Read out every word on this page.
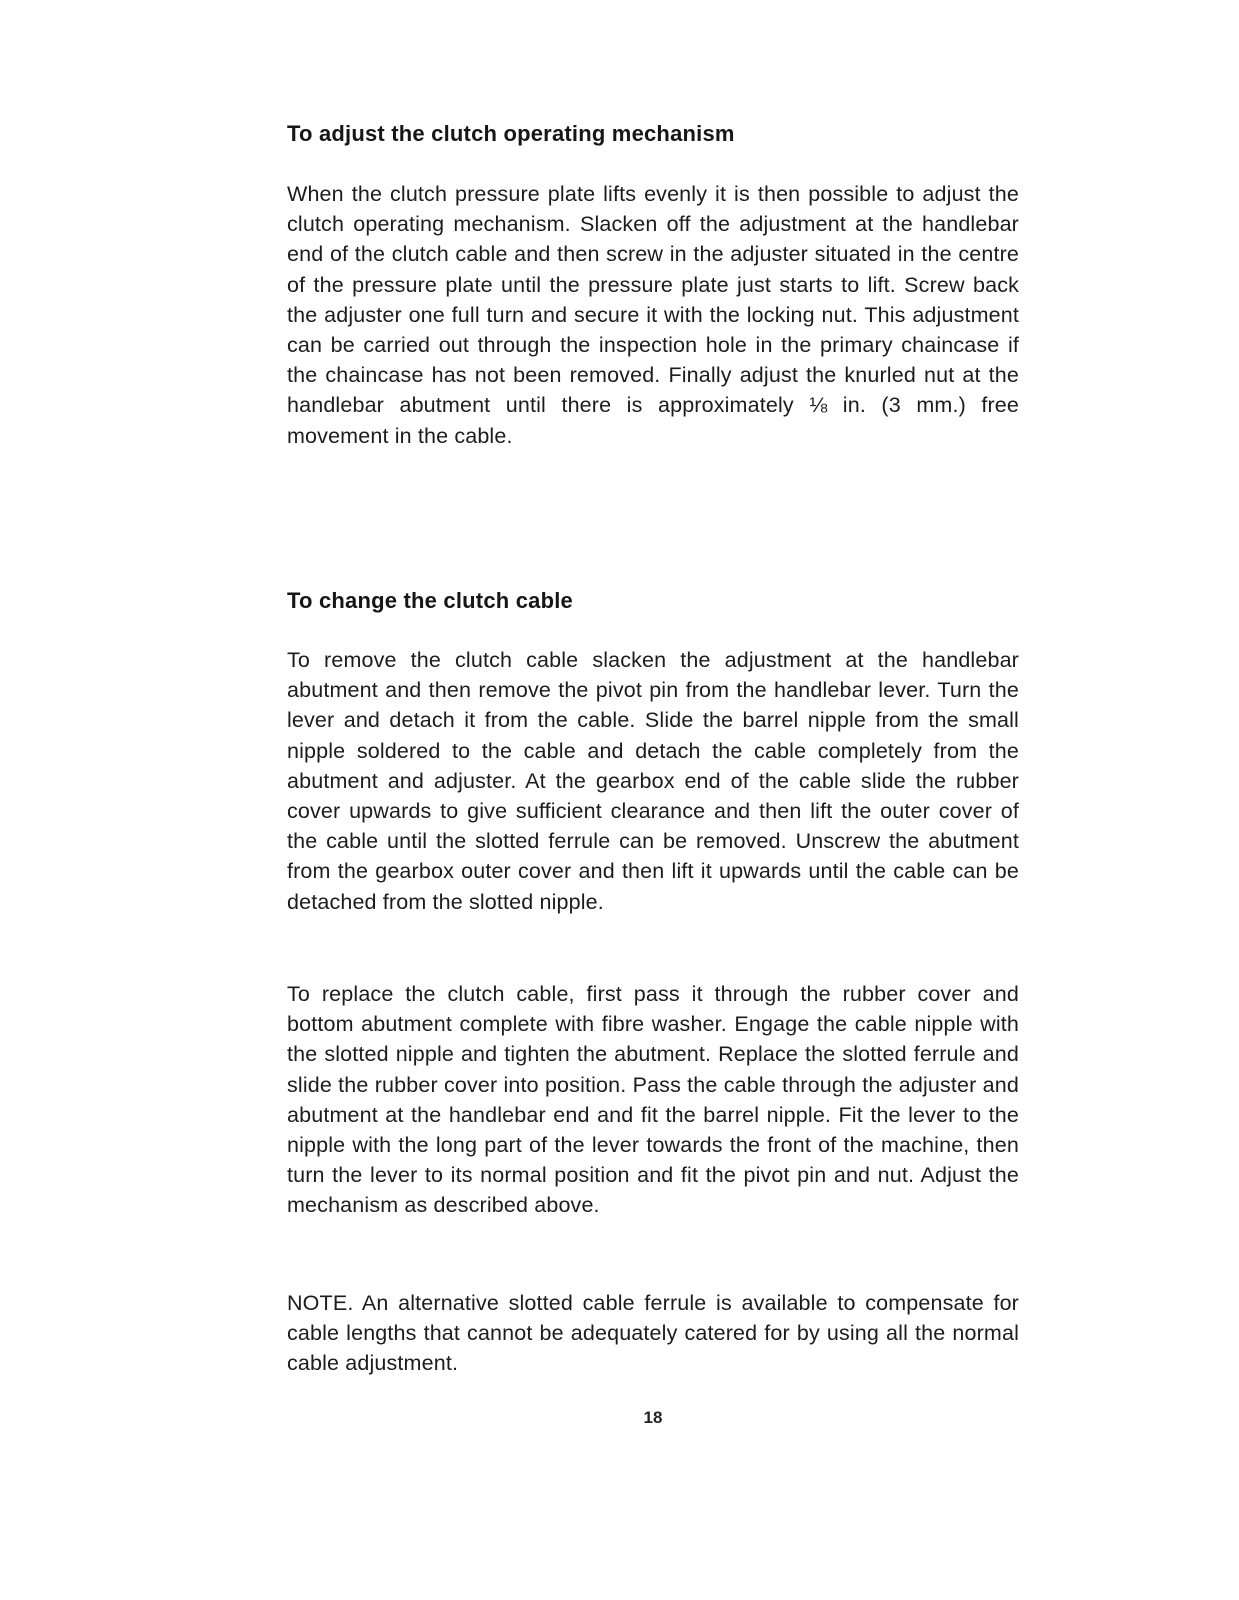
To adjust the clutch operating mechanism

When the clutch pressure plate lifts evenly it is then possible to adjust the clutch operating mechanism. Slacken off the adjustment at the handlebar end of the clutch cable and then screw in the adjuster situated in the centre of the pressure plate until the pressure plate just starts to lift. Screw back the adjuster one full turn and secure it with the locking nut. This adjustment can be carried out through the inspection hole in the primary chaincase if the chaincase has not been removed. Finally adjust the knurled nut at the handlebar abutment until there is approximately ⅛ in. (3 mm.) free movement in the cable.

To change the clutch cable

To remove the clutch cable slacken the adjustment at the handlebar abutment and then remove the pivot pin from the handlebar lever. Turn the lever and detach it from the cable. Slide the barrel nipple from the small nipple soldered to the cable and detach the cable completely from the abutment and adjuster. At the gearbox end of the cable slide the rubber cover upwards to give sufficient clearance and then lift the outer cover of the cable until the slotted ferrule can be removed. Unscrew the abutment from the gearbox outer cover and then lift it upwards until the cable can be detached from the slotted nipple.

To replace the clutch cable, first pass it through the rubber cover and bottom abutment complete with fibre washer. Engage the cable nipple with the slotted nipple and tighten the abutment. Replace the slotted ferrule and slide the rubber cover into position. Pass the cable through the adjuster and abutment at the handlebar end and fit the barrel nipple. Fit the lever to the nipple with the long part of the lever towards the front of the machine, then turn the lever to its normal position and fit the pivot pin and nut. Adjust the mechanism as described above.

NOTE. An alternative slotted cable ferrule is available to compensate for cable lengths that cannot be adequately catered for by using all the normal cable adjustment.

18
